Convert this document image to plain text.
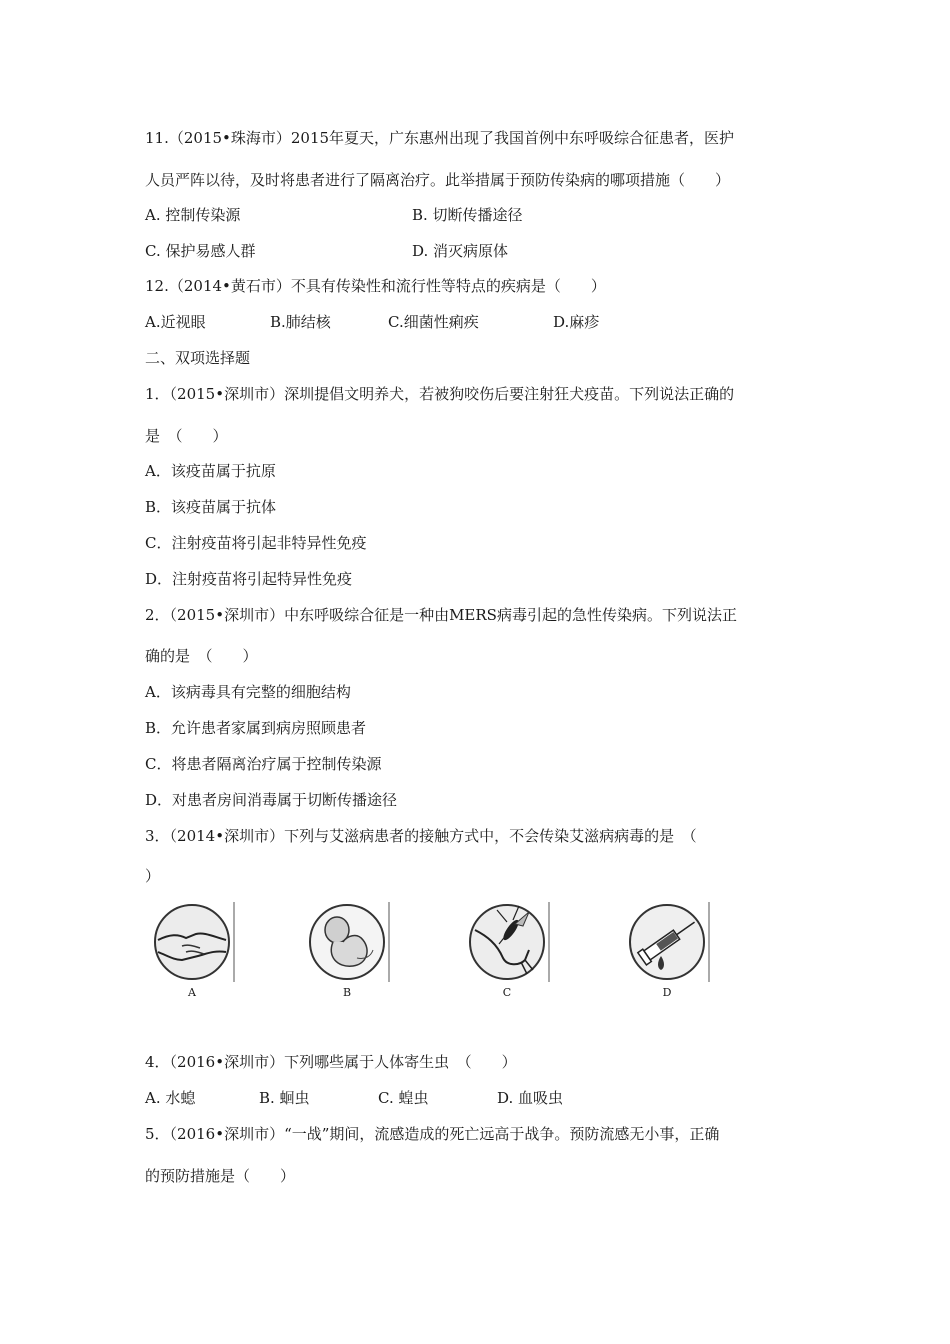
11.（2015•珠海市）2015年夏天，广东惠州出现了我国首例中东呼吸综合征患者，医护
人员严阵以待，及时将患者进行了隔离治疗。此举措属于预防传染病的哪项措施（　　）
A. 控制传染源	B. 切断传播途径
C. 保护易感人群	D. 消灭病原体
12.（2014•黄石市）不具有传染性和流行性等特点的疾病是（　　）
A.近视眼	B.肺结核	C.细菌性痢疾	D.麻疹
二、双项选择题
1．（2015•深圳市）深圳提倡文明养犬，若被狗咬伤后要注射狂犬疫苗。下列说法正确的
是　（　　）
A．该疫苗属于抗原
B．该疫苗属于抗体
C．注射疫苗将引起非特异性免疫
D．注射疫苗将引起特异性免疫
2．（2015•深圳市）中东呼吸综合征是一种由MERS病毒引起的急性传染病。下列说法正
确的是　（　　）
A．该病毒具有完整的细胞结构
B．允许患者家属到病房照顾患者
C．将患者隔离治疗属于控制传染源
D．对患者房间消毒属于切断传播途径
3．（2014•深圳市）下列与艾滋病患者的接触方式中，不会传染艾滋病病毒的是　（
）
A	B	C	D
4．（2016•深圳市）下列哪些属于人体寄生虫　（　　）
A. 水螅	B. 蛔虫	C. 蝗虫	D. 血吸虫
5．（2016•深圳市）“一战”期间，流感造成的死亡远高于战争。预防流感无小事，正确
的预防措施是（　　）
